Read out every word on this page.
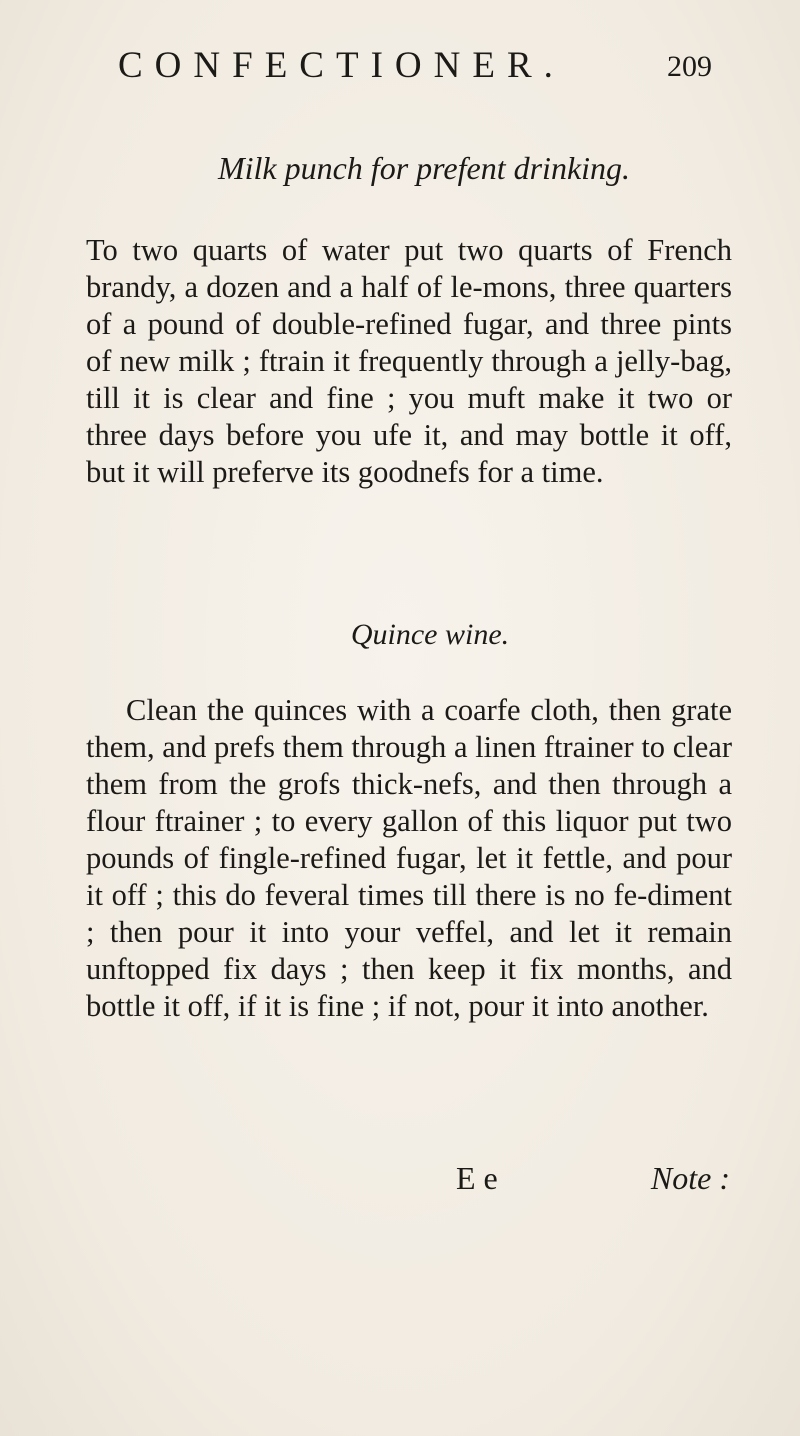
CONFECTIONER.	209
Milk punch for prefent drinking.
To two quarts of water put two quarts of French brandy, a dozen and a half of le-mons, three quarters of a pound of double-refined fugar, and three pints of new milk ; ftrain it frequently through a jelly-bag, till it is clear and fine ; you muft make it two or three days before you ufe it, and may bottle it off, but it will preferve its goodnefs for a time.
Quince wine.
Clean the quinces with a coarfe cloth, then grate them, and prefs them through a linen ftrainer to clear them from the grofs thick-nefs, and then through a flour ftrainer ; to every gallon of this liquor put two pounds of fingle-refined fugar, let it fettle, and pour it off ; this do feveral times till there is no fe-diment ; then pour it into your veffel, and let it remain unftopped fix days ; then keep it fix months, and bottle it off, if it is fine ; if not, pour it into another.
E e	Note :
